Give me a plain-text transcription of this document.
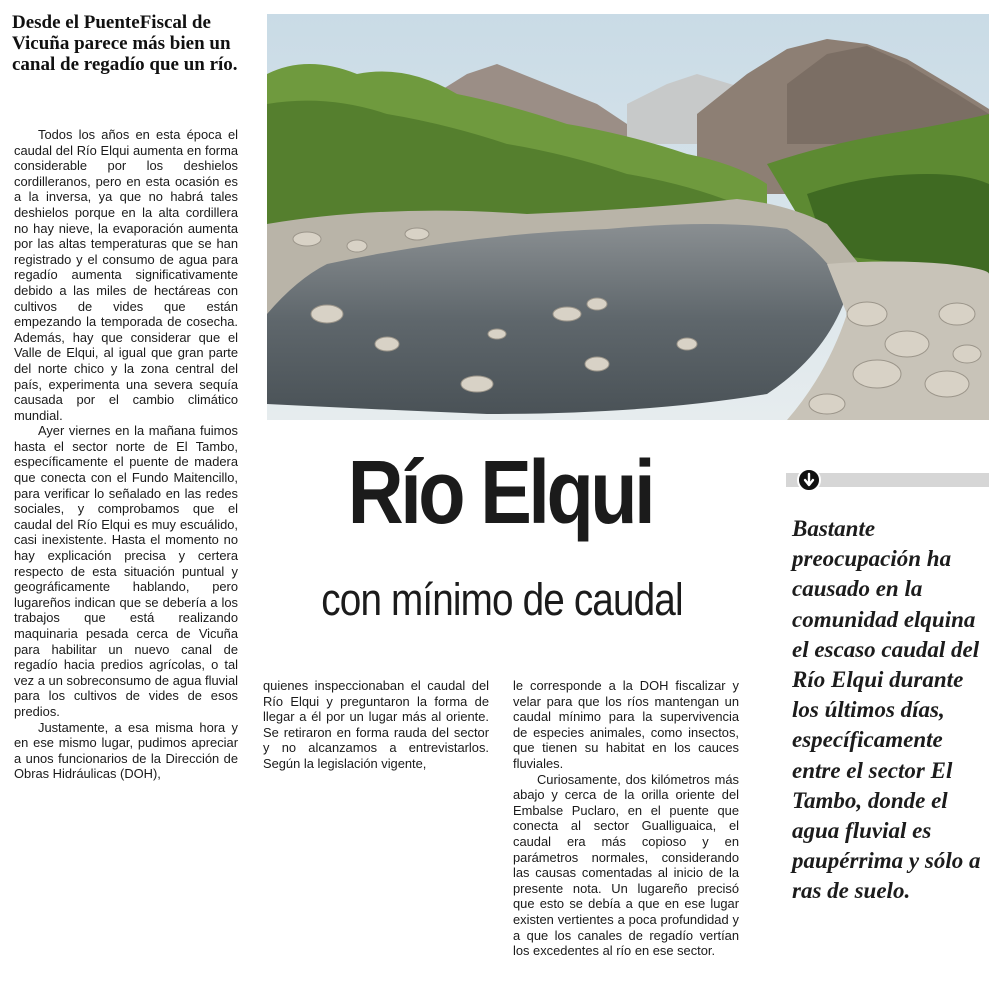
Desde el PuenteFiscal de Vicuña parece más bien un canal de regadío que un río.

Todos los años en esta época el caudal del Río Elqui aumenta en forma considerable por los deshielos cordilleranos, pero en esta ocasión es a la inversa, ya que no habrá tales deshielos porque en la alta cordillera no hay nieve, la evaporación aumenta por las altas temperaturas que se han registrado y el consumo de agua para regadío aumenta significativamente debido a las miles de hectáreas con cultivos de vides que están empezando la temporada de cosecha. Además, hay que considerar que el Valle de Elqui, al igual que gran parte del norte chico y la zona central del país, experimenta una severa sequía causada por el cambio climático mundial.

Ayer viernes en la mañana fuimos hasta el sector norte de El Tambo, específicamente el puente de madera que conecta con el Fundo Maitencillo, para verificar lo señalado en las redes sociales, y comprobamos que el caudal del Río Elqui es muy escuálido, casi inexistente. Hasta el momento no hay explicación precisa y certera respecto de esta situación puntual y geográficamente hablando, pero lugareños indican que se debería a los trabajos que está realizando maquinaria pesada cerca de Vicuña para habilitar un nuevo canal de regadío hacia predios agrícolas, o tal vez a un sobreconsumo de agua fluvial para los cultivos de vides de esos predios.

Justamente, a esa misma hora y en ese mismo lugar, pudimos apreciar a unos funcionarios de la Dirección de Obras Hidráulicas (DOH),

Río Elqui
con mínimo de caudal
Bastante preocupación ha causado en la comunidad elquina el escaso caudal del Río Elqui durante los últimos días, específicamente entre el sector El Tambo, donde el agua fluvial es paupérrima y sólo a ras de suelo.

quienes inspeccionaban el caudal del Río Elqui y preguntaron la forma de llegar a él por un lugar más al oriente. Se retiraron en forma rauda del sector y no alcanzamos a entrevistarlos. Según la legislación vigente,

le corresponde a la DOH fiscalizar y velar para que los ríos mantengan un caudal mínimo para la supervivencia de especies animales, como insectos, que tienen su habitat en los cauces fluviales.

Curiosamente, dos kilómetros más abajo y cerca de la orilla oriente del Embalse Puclaro, en el puente que conecta al sector Gualliguaica, el caudal era más copioso y en parámetros normales, considerando las causas comentadas al inicio de la presente nota. Un lugareño precisó que esto se debía a que en ese lugar existen vertientes a poca profundidad y a que los canales de regadío vertían los excedentes al río en ese sector.
